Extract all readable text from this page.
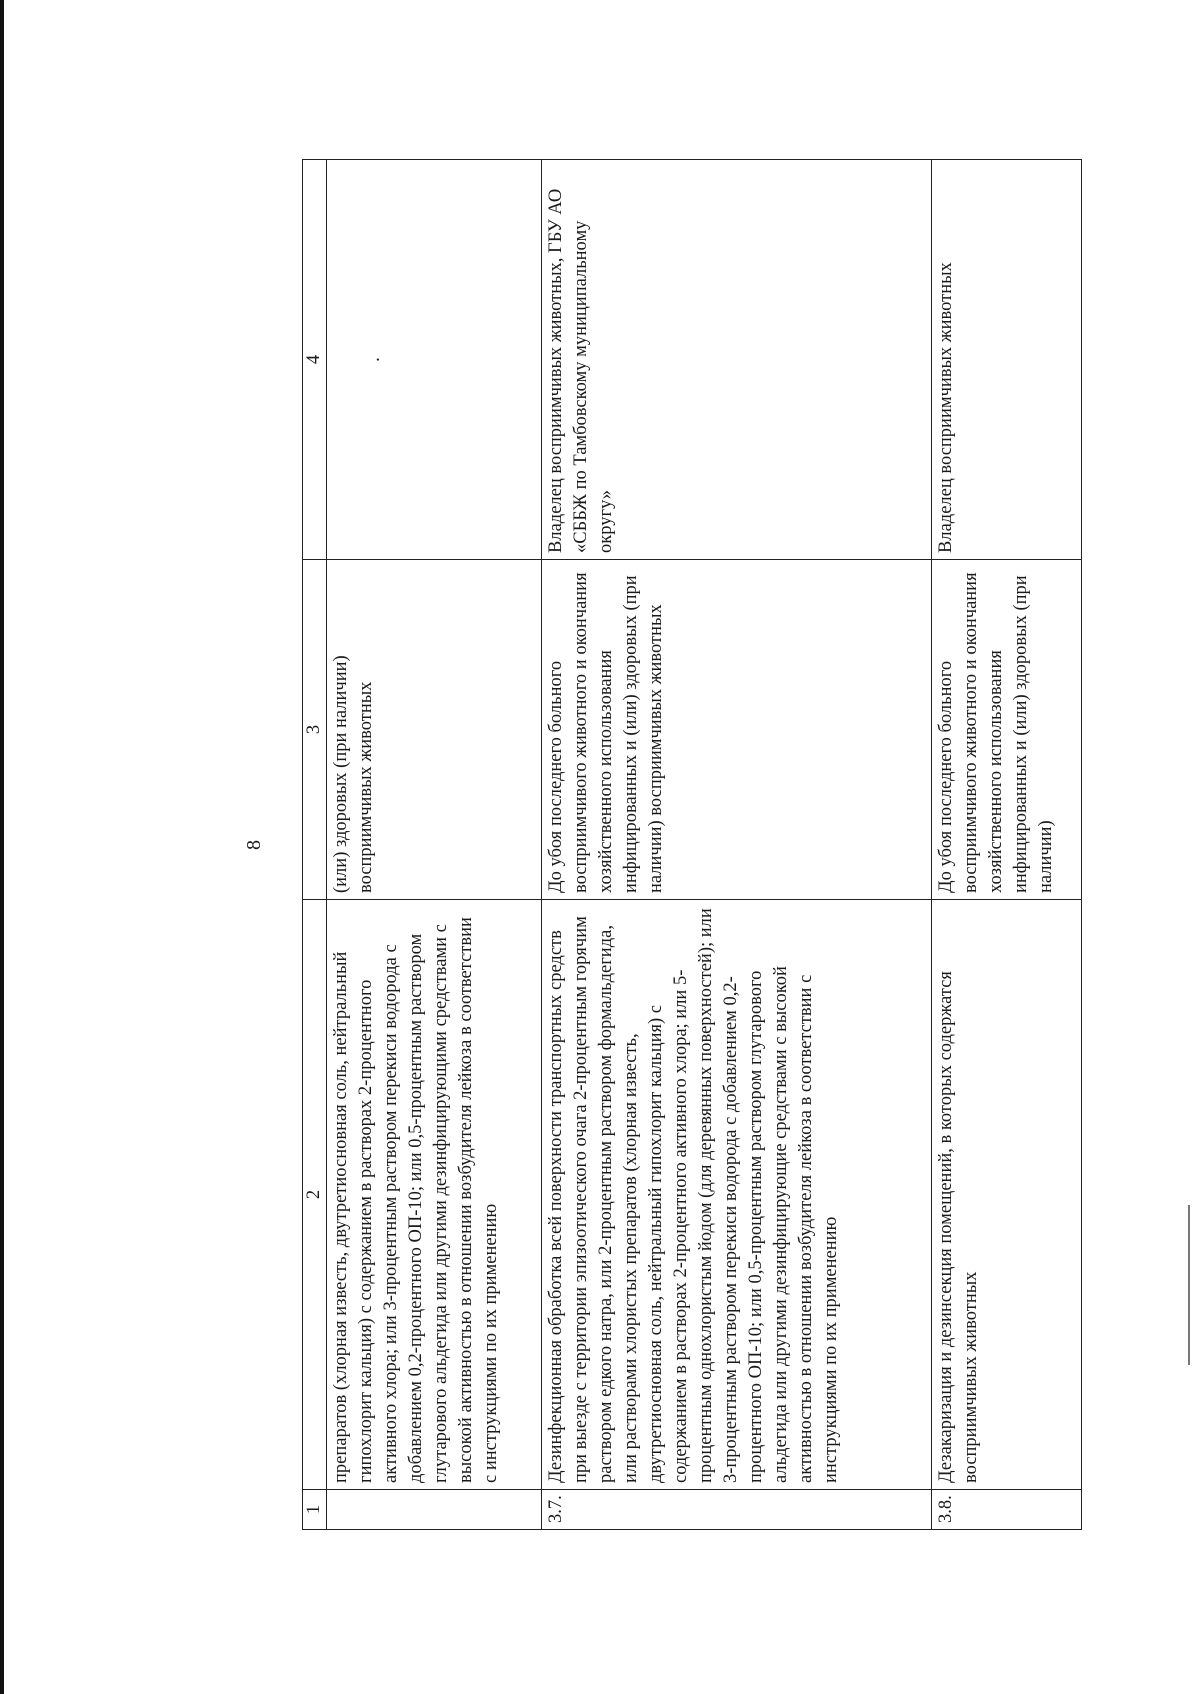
8
1	2	3	4

	препаратов (хлорная известь, двутретиосновная соль, нейтральный гипохлорит кальция) с содержанием в растворах 2-процентного активного хлора; или 3-процентным раствором перекиси водорода с добавлением 0,2-процентного ОП-10; или 0,5-процентным раствором глутарового альдегида или другими дезинфицирующими средствами с высокой активностью в отношении возбудителя лейкоза в соответствии с инструкциями по их применению	(или) здоровых (при наличии) восприимчивых животных	·
3.7.	Дезинфекционная обработка всей поверхности транспортных средств при выезде с территории эпизоотического очага 2-процентным горячим раствором едкого натра, или 2-процентным раствором формальдегида, или растворами хлористых препаратов (хлорная известь, двутретиосновная соль, нейтральный гипохлорит кальция) с содержанием в растворах 2-процентного активного хлора; или 5-процентным однохлористым йодом (для деревянных поверхностей); или 3-процентным раствором перекиси водорода с добавлением 0,2-процентного ОП-10; или 0,5-процентным раствором глутарового альдегида или другими дезинфицирующие средствами с высокой активностью в отношении возбудителя лейкоза в соответствии с инструкциями по их применению	До убоя последнего больного восприимчивого животного и окончания хозяйственного использования инфицированных и (или) здоровых (при наличии) восприимчивых животных	Владелец восприимчивых животных, ГБУ АО «СББЖ по Тамбовскому муниципальному округу»

3.8.	Дезакаризация и дезинсекция помещений, в которых содержатся восприимчивых животных	До убоя последнего больного восприимчивого животного и окончания хозяйственного использования инфицированных и (или) здоровых (при наличии)	Владелец восприимчивых животных
